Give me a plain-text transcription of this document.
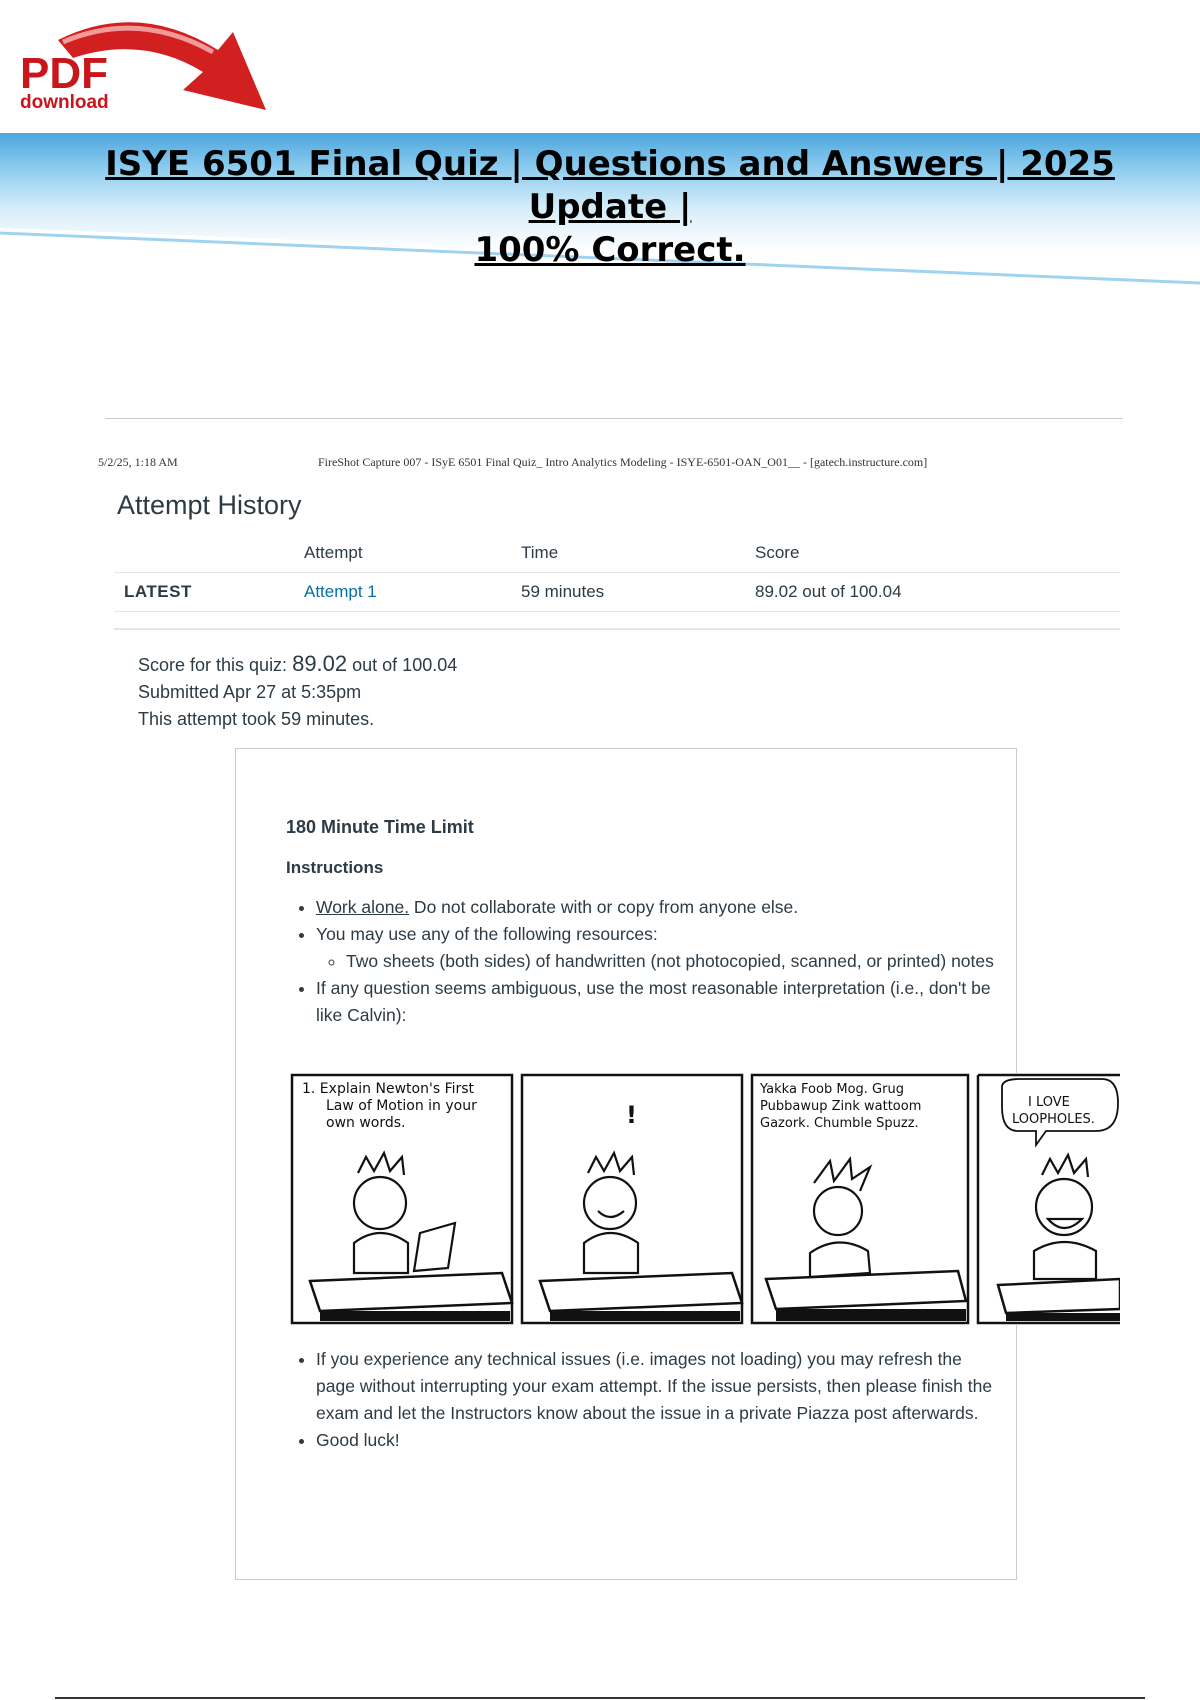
PDF
download
ISYE 6501 Final Quiz | Questions and Answers | 2025 Update |
100% Correct.
5/2/25, 1:18 AM	FireShot Capture 007 - ISyE 6501 Final Quiz_ Intro Analytics Modeling - ISYE-6501-OAN_O01__ - [gatech.instructure.com]
Attempt History
	Attempt	Time	Score
LATEST	Attempt 1	59 minutes	89.02 out of 100.04
Score for this quiz: 89.02 out of 100.04
Submitted Apr 27 at 5:35pm
This attempt took 59 minutes.
180 Minute Time Limit
Instructions
• Work alone. Do not collaborate with or copy from anyone else.
• You may use any of the following resources:
◦ Two sheets (both sides) of handwritten (not photocopied, scanned, or printed) notes
• If any question seems ambiguous, use the most reasonable interpretation (i.e., don't be like Calvin):
• If you experience any technical issues (i.e. images not loading) you may refresh the page without interrupting your exam attempt. If the issue persists, then please finish the exam and let the Instructors know about the issue in a private Piazza post afterwards.
• Good luck!
1. Explain Newton's First
Law of Motion in your
own words.	!
Yakka Foob Mog. Grug
Pubbawup Zink wattoom
Gazork. Chumble Spuzz.
I LOVE
LOOPHOLES.
